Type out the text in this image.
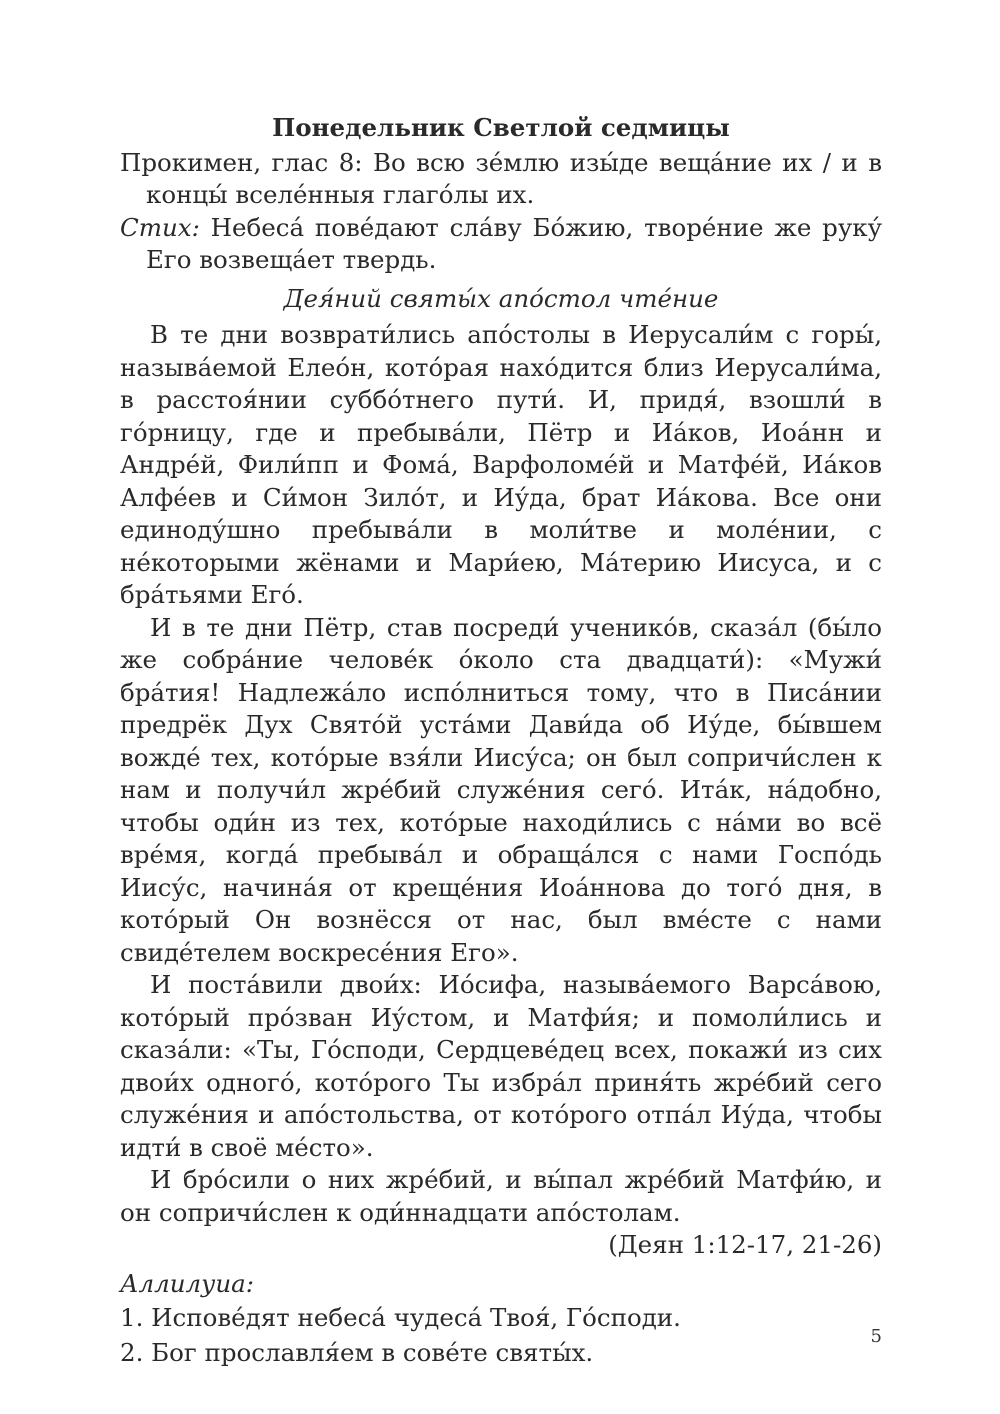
Понедельник Светлой седмицы

Прокимен, глас 8: Во всю зе́млю изы́де веща́ние их / и в концы́ вселе́нныя глаго́лы их.

Стих: Небеса́ пове́дают сла́ву Бо́жию, творе́ние же руку́ Его возвеща́ет твердь.

Дея́ний святы́х апо́стол чте́ние

В те дни возврати́лись апо́столы в Иерусали́м с горы́, называ́емой Елео́н, кото́рая нахо́дится близ Иерусали́ма, в расстоя́нии суббо́тнего пути́. И, придя́, взошли́ в го́рницу, где и пребыва́ли, Пётр и Иа́ков, Иоа́нн и Андре́й, Фили́пп и Фома́, Варфоломе́й и Матфе́й, Иа́ков Алфе́ев и Си́мон Зило́т, и Иу́да, брат Иа́кова. Все они единоду́шно пребыва́ли в моли́тве и моле́нии, с не́которыми жёнами и Мари́ею, Ма́терию Иисуса, и с бра́тьями Его́.

И в те дни Пётр, став посреди́ ученико́в, сказа́л (бы́ло же собра́ние челове́к о́коло ста двадцати́): «Мужи́ бра́тия! Надлежа́ло испо́лниться тому, что в Писа́нии предрёк Дух Свято́й уста́ми Дави́да об Иу́де, бы́вшем вожде́ тех, кото́рые взя́ли Иису́са; он был сопричи́слен к нам и получи́л жре́бий служе́ния сего́. Ита́к, на́добно, чтобы оди́н из тех, кото́рые находи́лись с на́ми во всё вре́мя, когда́ пребыва́л и обраща́лся с нами Госпо́дь Иису́с, начина́я от креще́ния Иоа́ннова до того́ дня, в кото́рый Он вознёсся от нас, был вме́сте с нами свиде́телем воскресе́ния Его».

И поста́вили двои́х: Ио́сифа, называ́емого Варса́вою, кото́рый про́зван Иу́стом, и Матфи́я; и помоли́лись и сказа́ли: «Ты, Го́споди, Сердцеве́дец всех, покажи́ из сих двои́х одного́, кото́рого Ты избра́л приня́ть жре́бий сего служе́ния и апо́стольства, от кото́рого отпа́л Иу́да, чтобы идти́ в своё ме́сто».

И бро́сили о них жре́бий, и вы́пал жре́бий Матфи́ю, и он сопричи́слен к оди́ннадцати апо́столам.

(Деян 1:12-17, 21-26)

Аллилуиа:

1. Испове́дят небеса́ чудеса́ Твоя́, Го́споди.

2. Бог прославля́ем в сове́те святы́х.

5
